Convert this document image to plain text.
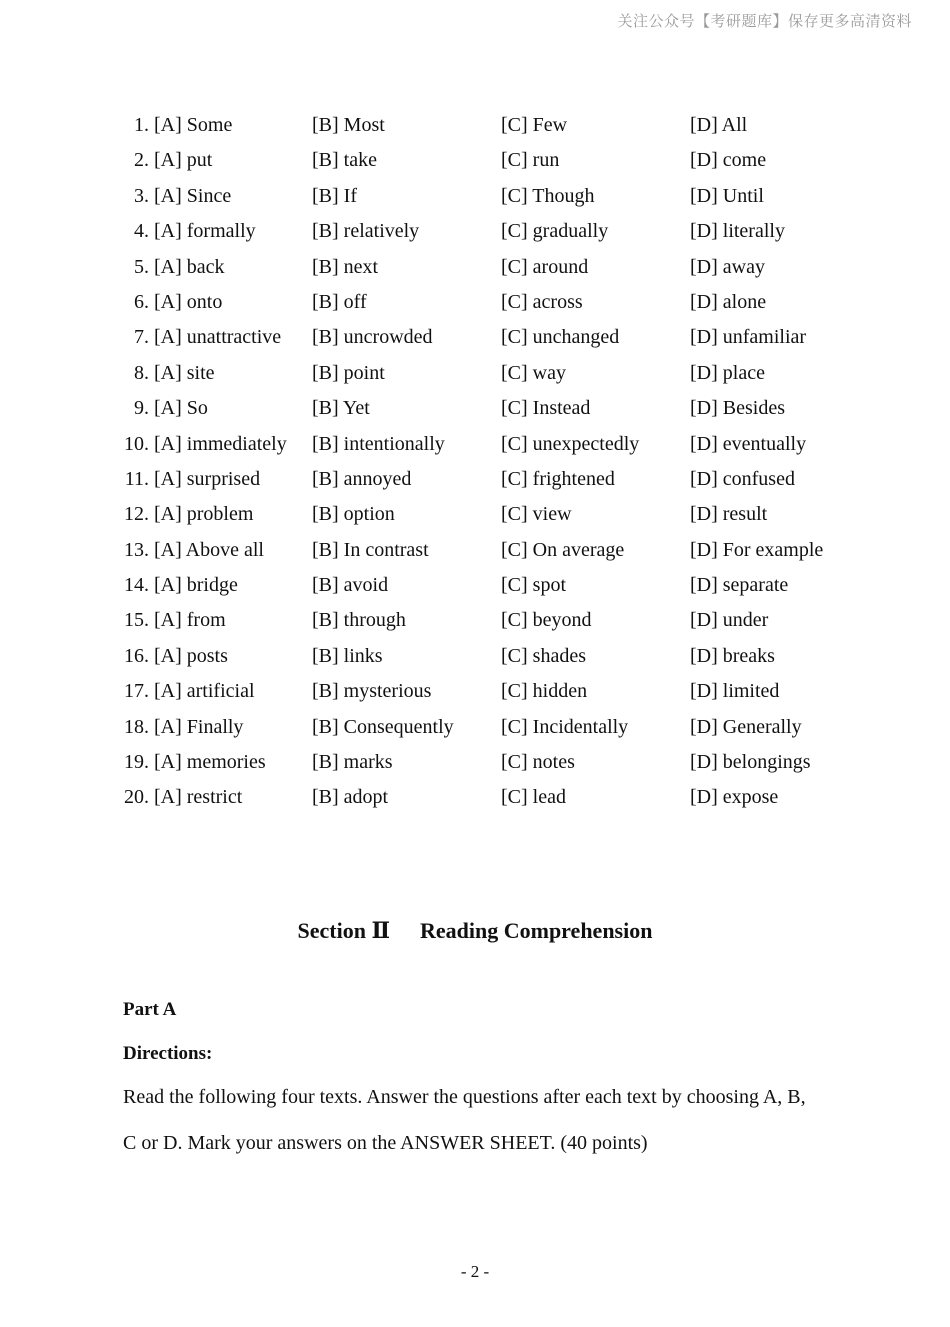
关注公众号【考研题库】保存更多高清资料
1. [A] Some	[B] Most	[C] Few	[D] All
2. [A] put	[B] take	[C] run	[D] come
3. [A] Since	[B] If	[C] Though	[D] Until
4. [A] formally	[B] relatively	[C] gradually	[D] literally
5. [A] back	[B] next	[C] around	[D] away
6. [A] onto	[B] off	[C] across	[D] alone
7. [A] unattractive [B] uncrowded	[C] unchanged	[D] unfamiliar
8. [A] site	[B] point	[C] way	[D] place
9. [A] So	[B] Yet	[C] Instead	[D] Besides
10. [A] immediately [B] intentionally	[C] unexpectedly	[D] eventually
11. [A] surprised	[B] annoyed	[C] frightened	[D] confused
12. [A] problem	[B] option	[C] view	[D] result
13. [A] Above all [B] In contrast	[C] On average	[D] For example
14. [A] bridge	[B] avoid	[C] spot	[D] separate
15. [A] from	[B] through	[C] beyond	[D] under
16. [A] posts	[B] links	[C] shades	[D] breaks
17. [A] artificial	[B] mysterious	[C] hidden	[D] limited
18. [A] Finally	[B] Consequently [C] Incidentally	[D] Generally
19. [A] memories [B] marks	[C] notes	[D] belongings
20. [A] restrict	[B] adopt	[C] lead	[D] expose
Section Ⅱ Reading Comprehension
Part A
Directions:
Read the following four texts. Answer the questions after each text by choosing A, B,
C or D. Mark your answers on the ANSWER SHEET. (40 points)
- 2 -
